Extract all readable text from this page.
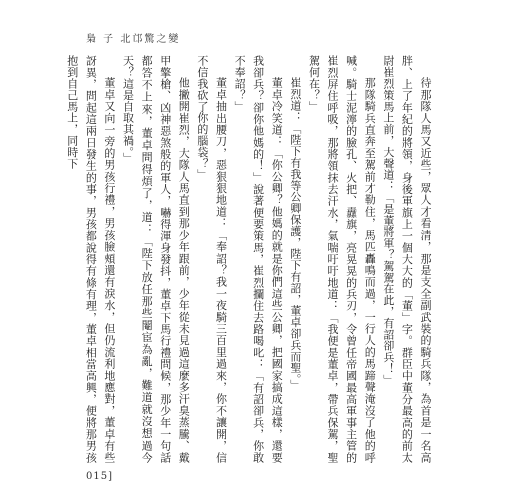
梟 子 北邙驚之變

待那隊人馬又近些，眾人才看清，那是支全副武裝的騎兵隊，為首是一名高胖、上了年紀的將領，身後軍旗上一個大大的「董」字。群臣中董分最高的前太尉崔烈策馬上前，大聲道：「是董將軍？駕駕在此，有詔卻兵！」

那隊騎兵直奔至駕前才勒住，馬匹轟鳴而過，一行人的馬蹄聲淹沒了他的呼喊。騎士泥濘的臉孔、火把、纛旗，亮晃晃的兵刃，令曾任帝國最高軍事主管的崔烈屏住呼吸，那將領抹去汗水，氣喘吁吁地道：「我便是董卓，帶兵保駕，聖駕何在？」

崔烈道：「陛下有我等公卿保護，陛下有詔，董卓卻兵而聖。」

董卓冷笑道：「你公卿？他媽的就是你們這些公卿，把國家搞成這樣，還要我卻兵？卻你他媽的！」說著便要策馬，崔烈攔住去路喝叱：「有詔卻兵，你敢不奉詔？」

董卓抽出腰刀，惡狠狠地道：「奉詔？我一夜騎三百里過來，你不讓開，信不信我砍了你的腦袋？」

他撇開崔烈，大隊人馬直到那少年跟前，少年從未見過這麼多汗臭蒸騰、戴甲擎槍、凶神惡煞般的軍人，嚇得渾身發抖，董卓下馬行禮問候，那少年一句話都答不上來，董卓問得煩了，道：「陛下放任那些閹宦為亂，難道就沒想過今天？這是自取其禍。」

董卓又向一旁的男孩行禮，男孩臉頰還有淚水，但仍流利地應對，董卓有些訝異，問起這兩日發生的事，男孩都說得有條有理，董卓相當高興，便將那男孩抱到自己馬上，同時下

015]
